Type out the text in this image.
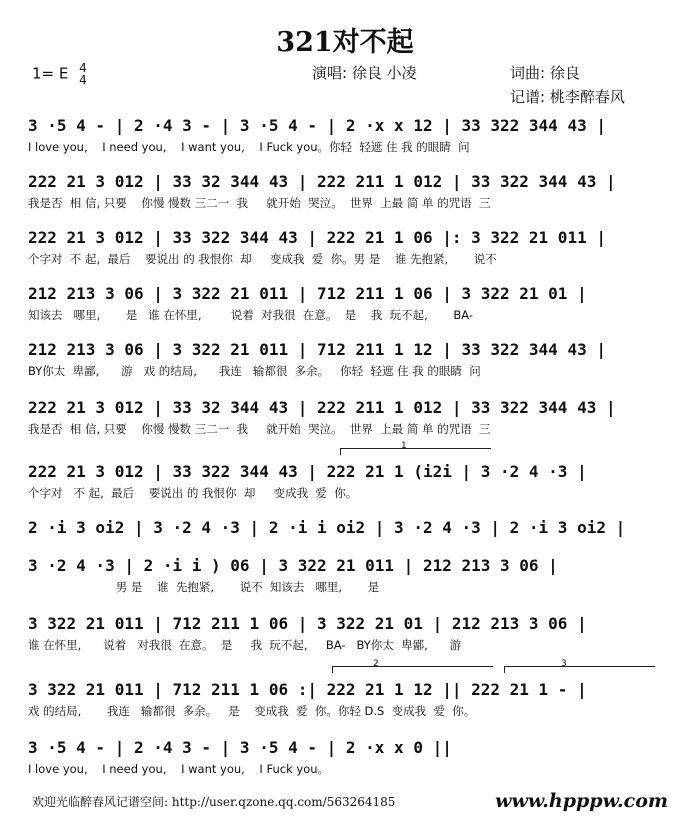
321对不起
1= E 4
4	演唱: 徐良 小凌	词曲: 徐良
记谱: 桃李醉春风
3 ·5 4 - | 2 ·4 3 - | 3 ·5 4 - | 2 ·x x 12 | 33 322 344 43 |
I love you,    I need you,    I want you,    I Fuck you。你轻  轻遮 住 我 的眼睛  问
222 21 3 012 | 33 32 344 43 | 222 211 1 012 | 33 322 344 43 |
我是否  相 信, 只要    你慢 慢数 三二一  我     就开始  哭泣。  世界  上最 简 单 的咒语  三
222 21 3 012 | 33 322 344 43 | 222 21 1 06 |: 3 322 21 011 |
个字对  不 起,  最后    要说出 的 我恨你  却     变成我  爱  你。男 是    谁 先抱紧,       说不
212 213 3 06 | 3 322 21 011 | 712 211 1 06 | 3 322 21 01 |
知该去   哪里,       是   谁 在怀里,        说着  对我很  在意。  是    我  玩不起,       BA-
212 213 3 06 | 3 322 21 011 | 712 211 1 12 | 33 322 344 43 |
BY你太  卑鄙,      游   戏 的结局,      我连   输都很  多余。   你轻  轻遮 住 我 的眼睛  问
222 21 3 012 | 33 32 344 43 | 222 211 1 012 | 33 322 344 43 |
我是否  相 信, 只要    你慢 慢数 三二一  我     就开始  哭泣。  世界  上最 简 单 的咒语  三
1
222 21 3 012 | 33 322 344 43 | 222 21 1 (i2i | 3 ·2 4 ·3 |
个字对   不 起,  最后    要说出 的 我恨你  却     变成我  爱  你。
2 ·i 3 oi2 | 3 ·2 4 ·3 | 2 ·i i oi2 | 3 ·2 4 ·3 | 2 ·i 3 oi2 |
3 ·2 4 ·3 | 2 ·i i ) 06 | 3 322 21 011 | 212 213 3 06 |
男 是    谁  先抱紧,       说不  知该去   哪里,       是
3 322 21 011 | 712 211 1 06 | 3 322 21 01 | 212 213 3 06 |
谁 在怀里,      说着   对我很  在意。  是     我  玩不起,     BA-   BY你太  卑鄙,      游
2	3
3 322 21 011 | 712 211 1 06 :| 222 21 1 12 || 222 21 1 - |
戏 的结局,       我连   输都很  多余。   是    变成我  爱  你。你轻 D.S  变成我  爱  你。
3 ·5 4 - | 2 ·4 3 - | 3 ·5 4 - | 2 ·x x 0 ||
I love you,    I need you,    I want you,    I Fuck you。
欢迎光临醉春风记谱空间: http://user.qzone.qq.com/563264185	www.hpppw.com
